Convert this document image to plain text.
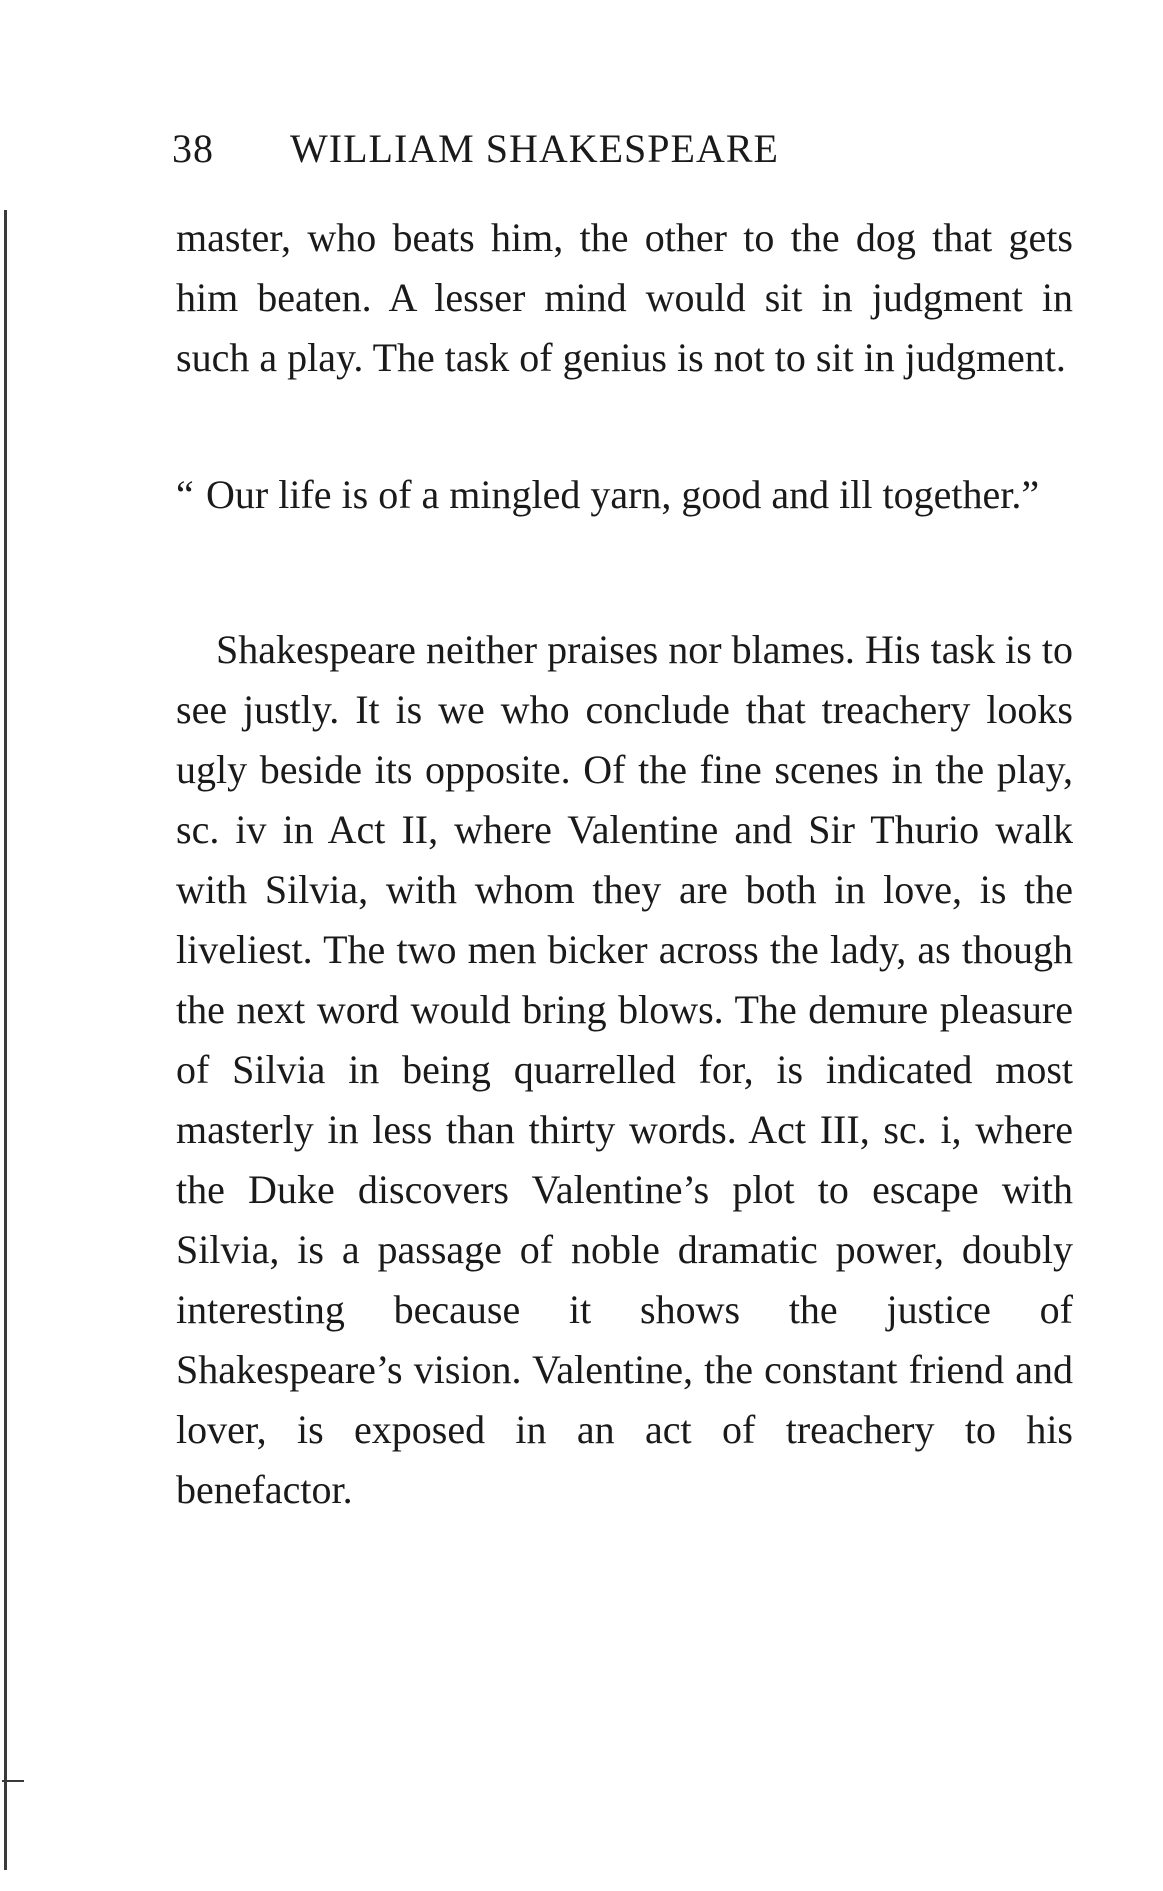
38 WILLIAM SHAKESPEARE

master, who beats him, the other to the dog that gets him beaten. A lesser mind would sit in judgment in such a play. The task of genius is not to sit in judgment.

“ Our life is of a mingled yarn, good and ill together.”

Shakespeare neither praises nor blames. His task is to see justly. It is we who conclude that treachery looks ugly beside its opposite. Of the fine scenes in the play, sc. iv in Act II, where Valentine and Sir Thurio walk with Silvia, with whom they are both in love, is the liveliest. The two men bicker across the lady, as though the next word would bring blows. The demure pleasure of Silvia in being quarrelled for, is indicated most masterly in less than thirty words. Act III, sc. i, where the Duke discovers Valentine’s plot to escape with Silvia, is a passage of noble dramatic power, doubly interesting because it shows the justice of Shakespeare’s vision. Valentine, the constant friend and lover, is exposed in an act of treachery to his benefactor.
